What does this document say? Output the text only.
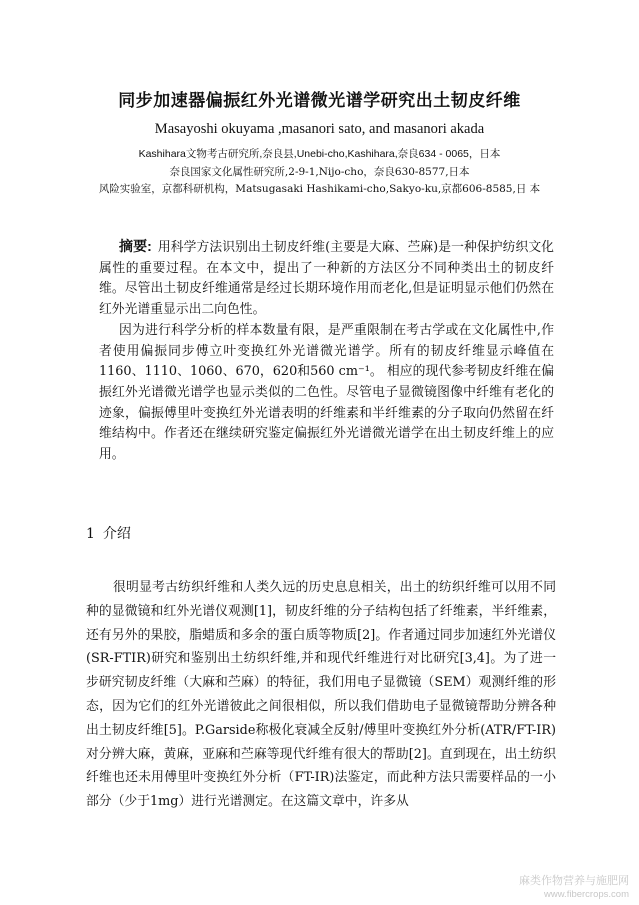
同步加速器偏振红外光谱微光谱学研究出土韧皮纤维
Masayoshi okuyama ,masanori sato, and masanori akada
Kashihara文物考古研究所,奈良县,Unebi-cho,Kashihara,奈良634 - 0065，日本
奈良国家文化属性研究所,2-9-1,Nijo-cho，奈良630-8577,日本
风险实验室，京都科研机构，Matsugasaki Hashikami-cho,Sakyo-ku,京都606-8585,日 本

摘要: 用科学方法识别出土韧皮纤维(主要是大麻、苎麻)是一种保护纺织文化属性的重要过程。在本文中，提出了一种新的方法区分不同种类出土的韧皮纤维。尽管出土韧皮纤维通常是经过长期环境作用而老化,但是证明显示他们仍然在红外光谱重显示出二向色性。

因为进行科学分析的样本数量有限，是严重限制在考古学或在文化属性中,作者使用偏振同步傅立叶变换红外光谱微光谱学。所有的韧皮纤维显示峰值在1160、1110、1060、670，620和560 cm⁻¹。 相应的现代参考韧皮纤维在偏振红外光谱微光谱学也显示类似的二色性。尽管电子显微镜图像中纤维有老化的迹象，偏振傅里叶变换红外光谱表明的纤维素和半纤维素的分子取向仍然留在纤维结构中。作者还在继续研究鉴定偏振红外光谱微光谱学在出土韧皮纤维上的应用。

1 介绍

很明显考古纺织纤维和人类久远的历史息息相关，出土的纺织纤维可以用不同种的显微镜和红外光谱仪观测[1]，韧皮纤维的分子结构包括了纤维素，半纤维素，还有另外的果胶，脂蜡质和多余的蛋白质等物质[2]。作者通过同步加速红外光谱仪(SR-FTIR)研究和鉴别出土纺织纤维,并和现代纤维进行对比研究[3,4]。为了进一步研究韧皮纤维（大麻和苎麻）的特征，我们用电子显微镜（SEM）观测纤维的形态，因为它们的红外光谱彼此之间很相似，所以我们借助电子显微镜帮助分辨各种出土韧皮纤维[5]。P.Garside称极化衰减全反射/傅里叶变换红外分析(ATR/FT-IR)对分辨大麻，黄麻，亚麻和苎麻等现代纤维有很大的帮助[2]。直到现在，出土纺织纤维也还未用傅里叶变换红外分析（FT-IR)法鉴定，而此种方法只需要样品的一小部分（少于1mg）进行光谱测定。在这篇文章中，许多从

麻类作物营养与施肥网
www.fibercrops.com
